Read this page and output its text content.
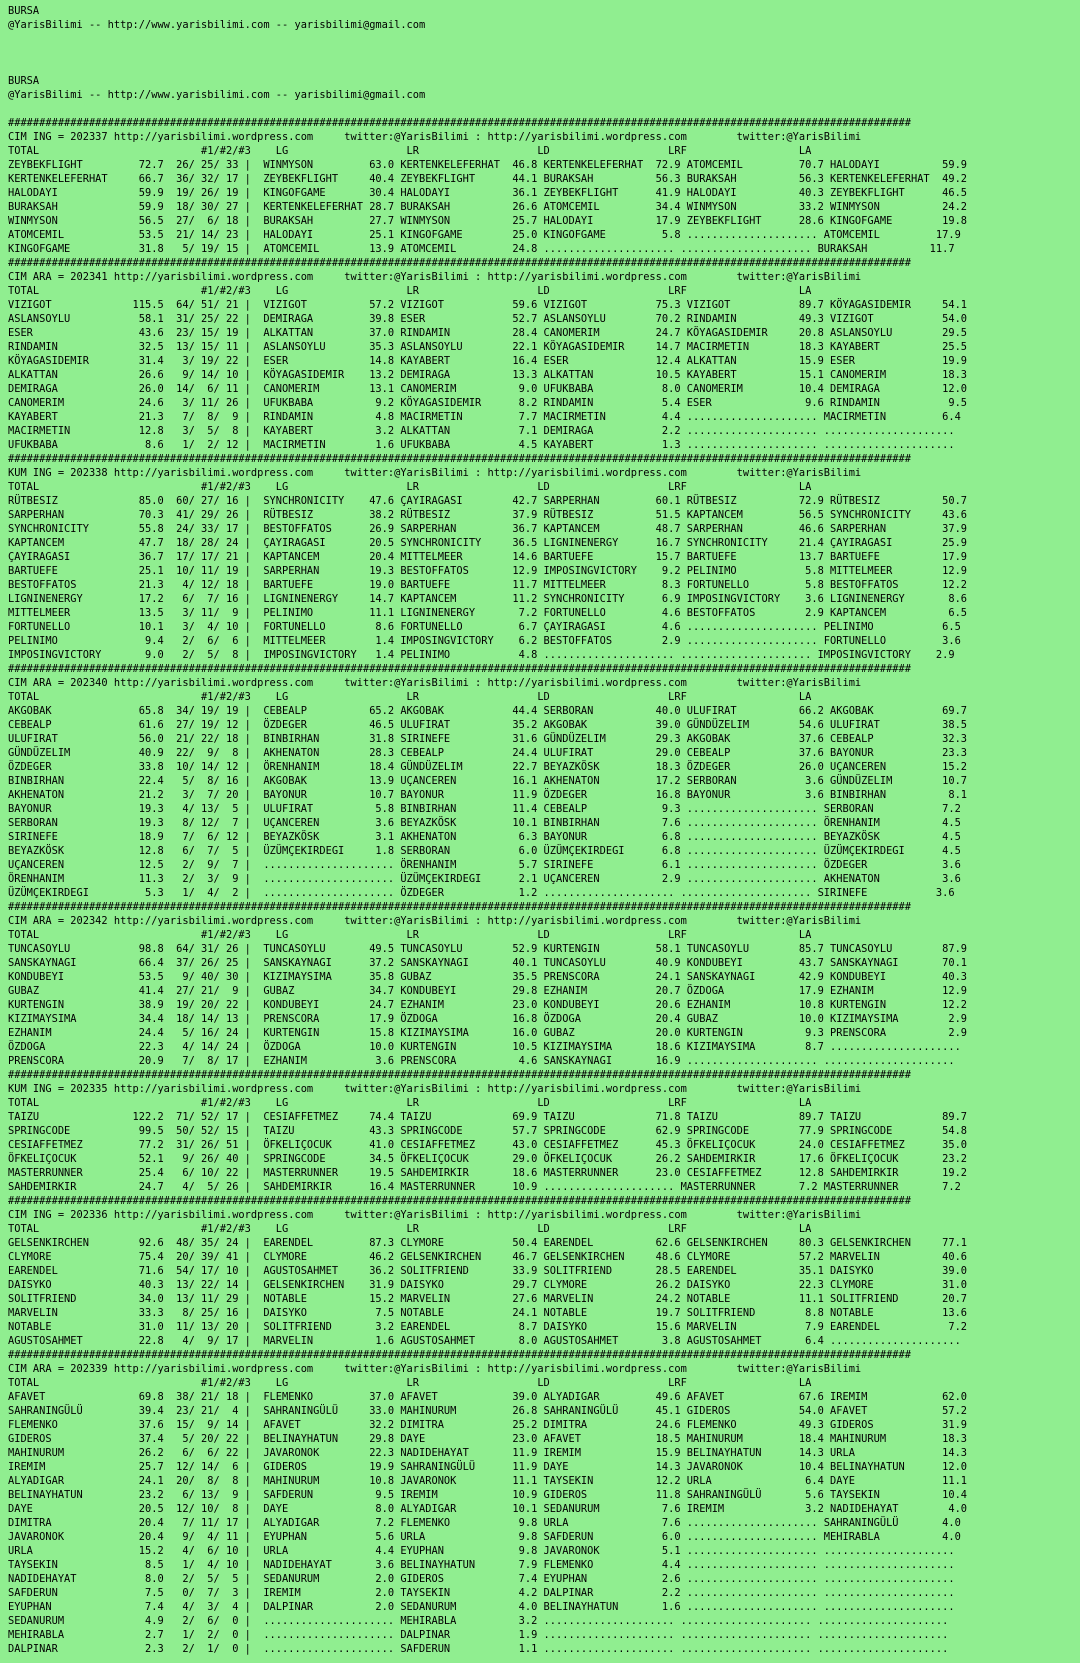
BURSA
@YarisBilimi -- http://www.yarisbilimi.com -- yarisbilimi@gmail.com
BURSA
@YarisBilimi -- http://www.yarisbilimi.com -- yarisbilimi@gmail.com
#################################################################################################################################################
CIM ING = 202337 http://yarisbilimi.wordpress.com     twitter:@YarisBilimi : http://yarisbilimi.wordpress.com        twitter:@YarisBilimi
TOTAL                          #1/#2/#3    LG                   LR                   LD                   LRF                  LA
ZEYBEKFLIGHT         72.7  26/ 25/ 33 |  WINMYSON         63.0 KERTENKELEFERHAT  46.8 KERTENKELEFERHAT  72.9 ATOMCEMIL         70.7 HALODAYI          59.9
KERTENKELEFERHAT     66.7  36/ 32/ 17 |  ZEYBEKFLIGHT     40.4 ZEYBEKFLIGHT      44.1 BURAKSAH          56.3 BURAKSAH          56.3 KERTENKELEFERHAT  49.2
HALODAYI             59.9  19/ 26/ 19 |  KINGOFGAME       30.4 HALODAYI          36.1 ZEYBEKFLIGHT      41.9 HALODAYI          40.3 ZEYBEKFLIGHT      46.5
BURAKSAH             59.9  18/ 30/ 27 |  KERTENKELEFERHAT 28.7 BURAKSAH          26.6 ATOMCEMIL         34.4 WINMYSON          33.2 WINMYSON          24.2
WINMYSON             56.5  27/  6/ 18 |  BURAKSAH         27.7 WINMYSON          25.7 HALODAYI          17.9 ZEYBEKFLIGHT      28.6 KINGOFGAME        19.8
ATOMCEMIL            53.5  21/ 14/ 23 |  HALODAYI         25.1 KINGOFGAME        25.0 KINGOFGAME         5.8 ..................... ATOMCEMIL         17.9
KINGOFGAME           31.8   5/ 19/ 15 |  ATOMCEMIL        13.9 ATOMCEMIL         24.8 ..................... ..................... BURAKSAH          11.7
#################################################################################################################################################
CIM ARA = 202341 http://yarisbilimi.wordpress.com     twitter:@YarisBilimi : http://yarisbilimi.wordpress.com        twitter:@YarisBilimi
TOTAL                          #1/#2/#3    LG                   LR                   LD                   LRF                  LA
VIZIGOT             115.5  64/ 51/ 21 |  VIZIGOT          57.2 VIZIGOT           59.6 VIZIGOT           75.3 VIZIGOT           89.7 KÖYAGASIDEMIR     54.1
ASLANSOYLU           58.1  31/ 25/ 22 |  DEMIRAGA         39.8 ESER              52.7 ASLANSOYLU        70.2 RINDAMIN          49.3 VIZIGOT           54.0
ESER                 43.6  23/ 15/ 19 |  ALKATTAN         37.0 RINDAMIN          28.4 CANOMERIM         24.7 KÖYAGASIDEMIR     20.8 ASLANSOYLU        29.5
RINDAMIN             32.5  13/ 15/ 11 |  ASLANSOYLU       35.3 ASLANSOYLU        22.1 KÖYAGASIDEMIR     14.7 MACIRMETIN        18.3 KAYABERT          25.5
KÖYAGASIDEMIR        31.4   3/ 19/ 22 |  ESER             14.8 KAYABERT          16.4 ESER              12.4 ALKATTAN          15.9 ESER              19.9
ALKATTAN             26.6   9/ 14/ 10 |  KÖYAGASIDEMIR    13.2 DEMIRAGA          13.3 ALKATTAN          10.5 KAYABERT          15.1 CANOMERIM         18.3
DEMIRAGA             26.0  14/  6/ 11 |  CANOMERIM        13.1 CANOMERIM          9.0 UFUKBABA           8.0 CANOMERIM         10.4 DEMIRAGA          12.0
CANOMERIM            24.6   3/ 11/ 26 |  UFUKBABA          9.2 KÖYAGASIDEMIR      8.2 RINDAMIN           5.4 ESER               9.6 RINDAMIN           9.5
KAYABERT             21.3   7/  8/  9 |  RINDAMIN          4.8 MACIRMETIN         7.7 MACIRMETIN         4.4 ..................... MACIRMETIN         6.4
MACIRMETIN           12.8   3/  5/  8 |  KAYABERT          3.2 ALKATTAN           7.1 DEMIRAGA           2.2 ..................... .....................
UFUKBABA              8.6   1/  2/ 12 |  MACIRMETIN        1.6 UFUKBABA           4.5 KAYABERT           1.3 ..................... .....................
#################################################################################################################################################
KUM ING = 202338 http://yarisbilimi.wordpress.com     twitter:@YarisBilimi : http://yarisbilimi.wordpress.com        twitter:@YarisBilimi
TOTAL                          #1/#2/#3    LG                   LR                   LD                   LRF                  LA
RÜTBESIZ             85.0  60/ 27/ 16 |  SYNCHRONICITY    47.6 ÇAYIRAGASI        42.7 SARPERHAN         60.1 RÜTBESIZ          72.9 RÜTBESIZ          50.7
SARPERHAN            70.3  41/ 29/ 26 |  RÜTBESIZ         38.2 RÜTBESIZ          37.9 RÜTBESIZ          51.5 KAPTANCEM         56.5 SYNCHRONICITY     43.6
SYNCHRONICITY        55.8  24/ 33/ 17 |  BESTOFFATOS      26.9 SARPERHAN         36.7 KAPTANCEM         48.7 SARPERHAN         46.6 SARPERHAN         37.9
KAPTANCEM            47.7  18/ 28/ 24 |  ÇAYIRAGASI       20.5 SYNCHRONICITY     36.5 LIGNINENERGY      16.7 SYNCHRONICITY     21.4 ÇAYIRAGASI        25.9
ÇAYIRAGASI           36.7  17/ 17/ 21 |  KAPTANCEM        20.4 MITTELMEER        14.6 BARTUEFE          15.7 BARTUEFE          13.7 BARTUEFE          17.9
BARTUEFE             25.1  10/ 11/ 19 |  SARPERHAN        19.3 BESTOFFATOS       12.9 IMPOSINGVICTORY    9.2 PELINIMO           5.8 MITTELMEER        12.9
BESTOFFATOS          21.3   4/ 12/ 18 |  BARTUEFE         19.0 BARTUEFE          11.7 MITTELMEER         8.3 FORTUNELLO         5.8 BESTOFFATOS       12.2
LIGNINENERGY         17.2   6/  7/ 16 |  LIGNINENERGY     14.7 KAPTANCEM         11.2 SYNCHRONICITY      6.9 IMPOSINGVICTORY    3.6 LIGNINENERGY       8.6
MITTELMEER           13.5   3/ 11/  9 |  PELINIMO         11.1 LIGNINENERGY       7.2 FORTUNELLO         4.6 BESTOFFATOS        2.9 KAPTANCEM          6.5
FORTUNELLO           10.1   3/  4/ 10 |  FORTUNELLO        8.6 FORTUNELLO         6.7 ÇAYIRAGASI         4.6 ..................... PELINIMO           6.5
PELINIMO              9.4   2/  6/  6 |  MITTELMEER        1.4 IMPOSINGVICTORY    6.2 BESTOFFATOS        2.9 ..................... FORTUNELLO         3.6
IMPOSINGVICTORY       9.0   2/  5/  8 |  IMPOSINGVICTORY   1.4 PELINIMO           4.8 ..................... ..................... IMPOSINGVICTORY    2.9
#################################################################################################################################################
CIM ARA = 202340 http://yarisbilimi.wordpress.com     twitter:@YarisBilimi : http://yarisbilimi.wordpress.com        twitter:@YarisBilimi
TOTAL                          #1/#2/#3    LG                   LR                   LD                   LRF                  LA
AKGOBAK              65.8  34/ 19/ 19 |  CEBEALP          65.2 AKGOBAK           44.4 SERBORAN          40.0 ULUFIRAT          66.2 AKGOBAK           69.7
CEBEALP              61.6  27/ 19/ 12 |  ÖZDEGER          46.5 ULUFIRAT          35.2 AKGOBAK           39.0 GÜNDÜZELIM        54.6 ULUFIRAT          38.5
ULUFIRAT             56.0  21/ 22/ 18 |  BINBIRHAN        31.8 SIRINEFE          31.6 GÜNDÜZELIM        29.3 AKGOBAK           37.6 CEBEALP           32.3
GÜNDÜZELIM           40.9  22/  9/  8 |  AKHENATON        28.3 CEBEALP           24.4 ULUFIRAT          29.0 CEBEALP           37.6 BAYONUR           23.3
ÖZDEGER              33.8  10/ 14/ 12 |  ÖRENHANIM        18.4 GÜNDÜZELIM        22.7 BEYAZKÖSK         18.3 ÖZDEGER           26.0 UÇANCEREN         15.2
BINBIRHAN            22.4   5/  8/ 16 |  AKGOBAK          13.9 UÇANCEREN         16.1 AKHENATON         17.2 SERBORAN           3.6 GÜNDÜZELIM        10.7
AKHENATON            21.2   3/  7/ 20 |  BAYONUR          10.7 BAYONUR           11.9 ÖZDEGER           16.8 BAYONUR            3.6 BINBIRHAN          8.1
BAYONUR              19.3   4/ 13/  5 |  ULUFIRAT          5.8 BINBIRHAN         11.4 CEBEALP            9.3 ..................... SERBORAN           7.2
SERBORAN             19.3   8/ 12/  7 |  UÇANCEREN         3.6 BEYAZKÖSK         10.1 BINBIRHAN          7.6 ..................... ÖRENHANIM          4.5
SIRINEFE             18.9   7/  6/ 12 |  BEYAZKÖSK         3.1 AKHENATON          6.3 BAYONUR            6.8 ..................... BEYAZKÖSK          4.5
BEYAZKÖSK            12.8   6/  7/  5 |  ÜZÜMÇEKIRDEGI     1.8 SERBORAN           6.0 ÜZÜMÇEKIRDEGI      6.8 ..................... ÜZÜMÇEKIRDEGI      4.5
UÇANCEREN            12.5   2/  9/  7 |  ..................... ÖRENHANIM          5.7 SIRINEFE           6.1 ..................... ÖZDEGER            3.6
ÖRENHANIM            11.3   2/  3/  9 |  ..................... ÜZÜMÇEKIRDEGI      2.1 UÇANCEREN          2.9 ..................... AKHENATON          3.6
ÜZÜMÇEKIRDEGI         5.3   1/  4/  2 |  ..................... ÖZDEGER            1.2 ..................... ..................... SIRINEFE           3.6
#################################################################################################################################################
CIM ARA = 202342 http://yarisbilimi.wordpress.com     twitter:@YarisBilimi : http://yarisbilimi.wordpress.com        twitter:@YarisBilimi
TOTAL                          #1/#2/#3    LG                   LR                   LD                   LRF                  LA
TUNCASOYLU           98.8  64/ 31/ 26 |  TUNCASOYLU       49.5 TUNCASOYLU        52.9 KURTENGIN         58.1 TUNCASOYLU        85.7 TUNCASOYLU        87.9
SANSKAYNAGI          66.4  37/ 26/ 25 |  SANSKAYNAGI      37.2 SANSKAYNAGI       40.1 TUNCASOYLU        40.9 KONDUBEYI         43.7 SANSKAYNAGI       70.1
KONDUBEYI            53.5   9/ 40/ 30 |  KIZIMAYSIMA      35.8 GUBAZ             35.5 PRENSCORA         24.1 SANSKAYNAGI       42.9 KONDUBEYI         40.3
GUBAZ                41.4  27/ 21/  9 |  GUBAZ            34.7 KONDUBEYI         29.8 EZHANIM           20.7 ÖZDOGA            17.9 EZHANIM           12.9
KURTENGIN            38.9  19/ 20/ 22 |  KONDUBEYI        24.7 EZHANIM           23.0 KONDUBEYI         20.6 EZHANIM           10.8 KURTENGIN         12.2
KIZIMAYSIMA          34.4  18/ 14/ 13 |  PRENSCORA        17.9 ÖZDOGA            16.8 ÖZDOGA            20.4 GUBAZ             10.0 KIZIMAYSIMA        2.9
EZHANIM              24.4   5/ 16/ 24 |  KURTENGIN        15.8 KIZIMAYSIMA       16.0 GUBAZ             20.0 KURTENGIN          9.3 PRENSCORA          2.9
ÖZDOGA               22.3   4/ 14/ 24 |  ÖZDOGA           10.0 KURTENGIN         10.5 KIZIMAYSIMA       18.6 KIZIMAYSIMA        8.7 .....................
PRENSCORA            20.9   7/  8/ 17 |  EZHANIM           3.6 PRENSCORA          4.6 SANSKAYNAGI       16.9 ..................... .....................
#################################################################################################################################################
KUM ING = 202335 http://yarisbilimi.wordpress.com     twitter:@YarisBilimi : http://yarisbilimi.wordpress.com        twitter:@YarisBilimi
TOTAL                          #1/#2/#3    LG                   LR                   LD                   LRF                  LA
TAIZU               122.2  71/ 52/ 17 |  CESIAFFETMEZ     74.4 TAIZU             69.9 TAIZU             71.8 TAIZU             89.7 TAIZU             89.7
SPRINGCODE           99.5  50/ 52/ 15 |  TAIZU            43.3 SPRINGCODE        57.7 SPRINGCODE        62.9 SPRINGCODE        77.9 SPRINGCODE        54.8
CESIAFFETMEZ         77.2  31/ 26/ 51 |  ÖFKELIÇOCUK      41.0 CESIAFFETMEZ      43.0 CESIAFFETMEZ      45.3 ÖFKELIÇOCUK       24.0 CESIAFFETMEZ      35.0
ÖFKELIÇOCUK          52.1   9/ 26/ 40 |  SPRINGCODE       34.5 ÖFKELIÇOCUK       29.0 ÖFKELIÇOCUK       26.2 SAHDEMIRKIR       17.6 ÖFKELIÇOCUK       23.2
MASTERRUNNER         25.4   6/ 10/ 22 |  MASTERRUNNER     19.5 SAHDEMIRKIR       18.6 MASTERRUNNER      23.0 CESIAFFETMEZ      12.8 SAHDEMIRKIR       19.2
SAHDEMIRKIR          24.7   4/  5/ 26 |  SAHDEMIRKIR      16.4 MASTERRUNNER      10.9 ..................... MASTERRUNNER       7.2 MASTERRUNNER       7.2
#################################################################################################################################################
CIM ING = 202336 http://yarisbilimi.wordpress.com     twitter:@YarisBilimi : http://yarisbilimi.wordpress.com        twitter:@YarisBilimi
TOTAL                          #1/#2/#3    LG                   LR                   LD                   LRF                  LA
GELSENKIRCHEN        92.6  48/ 35/ 24 |  EARENDEL         87.3 CLYMORE           50.4 EARENDEL          62.6 GELSENKIRCHEN     80.3 GELSENKIRCHEN     77.1
CLYMORE              75.4  20/ 39/ 41 |  CLYMORE          46.2 GELSENKIRCHEN     46.7 GELSENKIRCHEN     48.6 CLYMORE           57.2 MARVELIN          40.6
EARENDEL             71.6  54/ 17/ 10 |  AGUSTOSAHMET     36.2 SOLITFRIEND       33.9 SOLITFRIEND       28.5 EARENDEL          35.1 DAISYKO           39.0
DAISYKO              40.3  13/ 22/ 14 |  GELSENKIRCHEN    31.9 DAISYKO           29.7 CLYMORE           26.2 DAISYKO           22.3 CLYMORE           31.0
SOLITFRIEND          34.0  13/ 11/ 29 |  NOTABLE          15.2 MARVELIN          27.6 MARVELIN          24.2 NOTABLE           11.1 SOLITFRIEND       20.7
MARVELIN             33.3   8/ 25/ 16 |  DAISYKO           7.5 NOTABLE           24.1 NOTABLE           19.7 SOLITFRIEND        8.8 NOTABLE           13.6
NOTABLE              31.0  11/ 13/ 20 |  SOLITFRIEND       3.2 EARENDEL           8.7 DAISYKO           15.6 MARVELIN           7.9 EARENDEL           7.2
AGUSTOSAHMET         22.8   4/  9/ 17 |  MARVELIN          1.6 AGUSTOSAHMET       8.0 AGUSTOSAHMET       3.8 AGUSTOSAHMET       6.4 .....................
#################################################################################################################################################
CIM ARA = 202339 http://yarisbilimi.wordpress.com     twitter:@YarisBilimi : http://yarisbilimi.wordpress.com        twitter:@YarisBilimi
TOTAL                          #1/#2/#3    LG                   LR                   LD                   LRF                  LA
AFAVET               69.8  38/ 21/ 18 |  FLEMENKO         37.0 AFAVET            39.0 ALYADIGAR         49.6 AFAVET            67.6 IREMIM            62.0
SAHRANINGÜLÜ         39.4  23/ 21/  4 |  SAHRANINGÜLÜ     33.0 MAHINURUM         26.8 SAHRANINGÜLÜ      45.1 GIDEROS           54.0 AFAVET            57.2
FLEMENKO             37.6  15/  9/ 14 |  AFAVET           32.2 DIMITRA           25.2 DIMITRA           24.6 FLEMENKO          49.3 GIDEROS           31.9
GIDEROS              37.4   5/ 20/ 22 |  BELINAYHATUN     29.8 DAYE              23.0 AFAVET            18.5 MAHINURUM         18.4 MAHINURUM         18.3
MAHINURUM            26.2   6/  6/ 22 |  JAVARONOK        22.3 NADIDEHAYAT       11.9 IREMIM            15.9 BELINAYHATUN      14.3 URLA              14.3
IREMIM               25.7  12/ 14/  6 |  GIDEROS          19.9 SAHRANINGÜLÜ      11.9 DAYE              14.3 JAVARONOK         10.4 BELINAYHATUN      12.0
ALYADIGAR            24.1  20/  8/  8 |  MAHINURUM        10.8 JAVARONOK         11.1 TAYSEKIN          12.2 URLA               6.4 DAYE              11.1
BELINAYHATUN         23.2   6/ 13/  9 |  SAFDERUN          9.5 IREMIM            10.9 GIDEROS           11.8 SAHRANINGÜLÜ       5.6 TAYSEKIN          10.4
DAYE                 20.5  12/ 10/  8 |  DAYE              8.0 ALYADIGAR         10.1 SEDANURUM          7.6 IREMIM             3.2 NADIDEHAYAT        4.0
DIMITRA              20.4   7/ 11/ 17 |  ALYADIGAR         7.2 FLEMENKO           9.8 URLA               7.6 ..................... SAHRANINGÜLÜ       4.0
JAVARONOK            20.4   9/  4/ 11 |  EYUPHAN           5.6 URLA               9.8 SAFDERUN           6.0 ..................... MEHIRABLA          4.0
URLA                 15.2   4/  6/ 10 |  URLA              4.4 EYUPHAN            9.8 JAVARONOK          5.1 ..................... .....................
TAYSEKIN              8.5   1/  4/ 10 |  NADIDEHAYAT       3.6 BELINAYHATUN       7.9 FLEMENKO           4.4 ..................... .....................
NADIDEHAYAT           8.0   2/  5/  5 |  SEDANURUM         2.0 GIDEROS            7.4 EYUPHAN            2.6 ..................... .....................
SAFDERUN              7.5   0/  7/  3 |  IREMIM            2.0 TAYSEKIN           4.2 DALPINAR           2.2 ..................... .....................
EYUPHAN               7.4   4/  3/  4 |  DALPINAR          2.0 SEDANURUM          4.0 BELINAYHATUN       1.6 ..................... .....................
SEDANURUM             4.9   2/  6/  0 |  ..................... MEHIRABLA          3.2 ..................... ..................... .....................
MEHIRABLA             2.7   1/  2/  0 |  ..................... DALPINAR           1.9 ..................... ..................... .....................
DALPINAR              2.3   2/  1/  0 |  ..................... SAFDERUN           1.1 ..................... ..................... .....................
